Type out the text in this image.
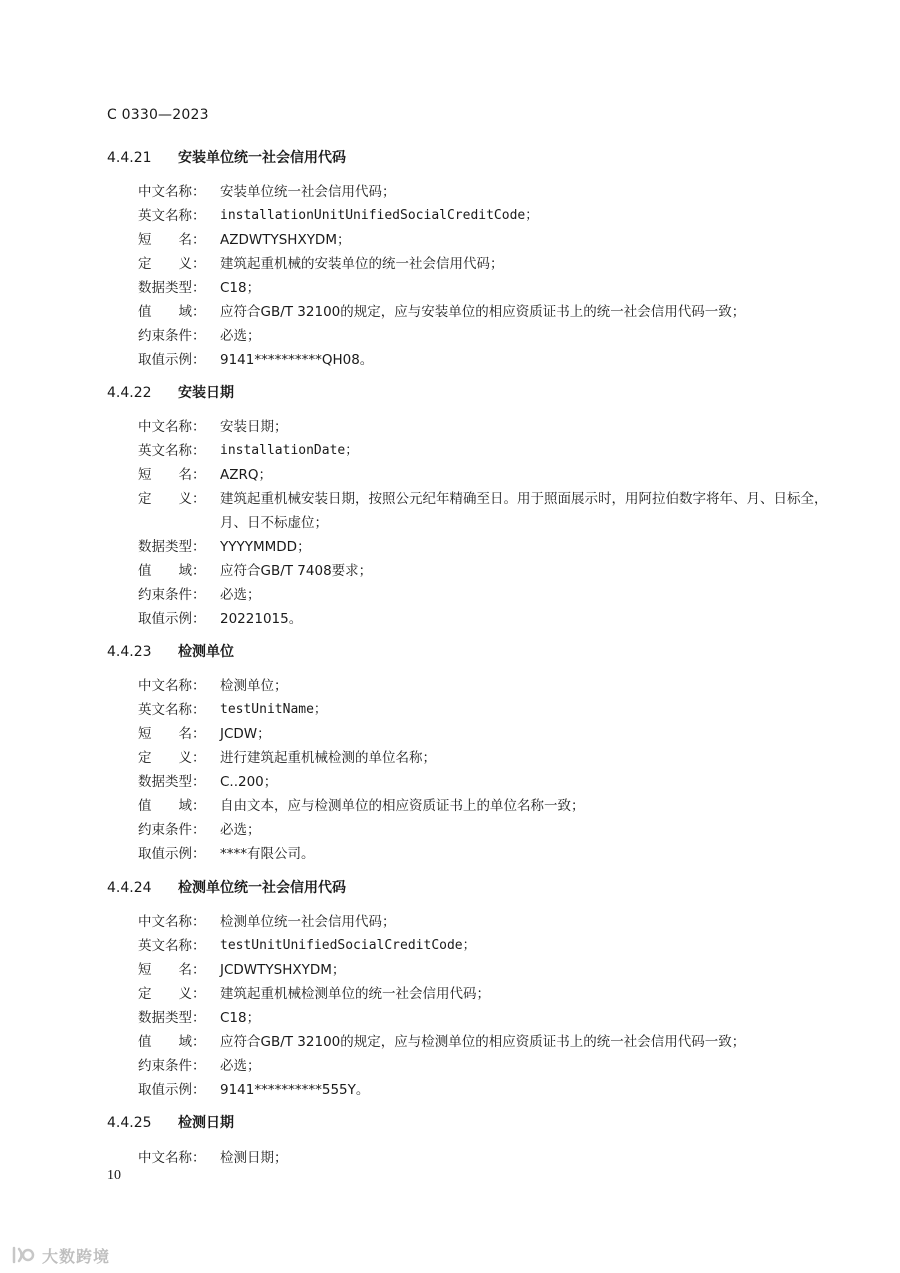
C 0330—2023
4.4.21 安装单位统一社会信用代码
中文名称：	安装单位统一社会信用代码；
英文名称：	installationUnitUnifiedSocialCreditCode；
短　　名：	AZDWTYSHXYDM；
定　　义：	建筑起重机械的安装单位的统一社会信用代码；
数据类型：	C18；
值　　域：	应符合GB/T 32100的规定，应与安装单位的相应资质证书上的统一社会信用代码一致；
约束条件：	必选；
取值示例：	9141**********QH08。
4.4.22 安装日期
中文名称：	安装日期；
英文名称：	installationDate；
短　　名：	AZRQ；
定　　义：	建筑起重机械安装日期，按照公元纪年精确至日。用于照面展示时，用阿拉伯数字将年、月、日标全，月、日不标虚位；
数据类型：	YYYYMMDD；
值　　域：	应符合GB/T 7408要求；
约束条件：	必选；
取值示例：	20221015。
4.4.23 检测单位
中文名称：	检测单位；
英文名称：	testUnitName；
短　　名：	JCDW；
定　　义：	进行建筑起重机械检测的单位名称；
数据类型：	C..200；
值　　域：	自由文本，应与检测单位的相应资质证书上的单位名称一致；
约束条件：	必选；
取值示例：	****有限公司。
4.4.24 检测单位统一社会信用代码
中文名称：	检测单位统一社会信用代码；
英文名称：	testUnitUnifiedSocialCreditCode；
短　　名：	JCDWTYSHXYDM；
定　　义：	建筑起重机械检测单位的统一社会信用代码；
数据类型：	C18；
值　　域：	应符合GB/T 32100的规定，应与检测单位的相应资质证书上的统一社会信用代码一致；
约束条件：	必选；
取值示例：	9141**********555Y。
4.4.25 检测日期
中文名称：	检测日期；
10
大数跨境
